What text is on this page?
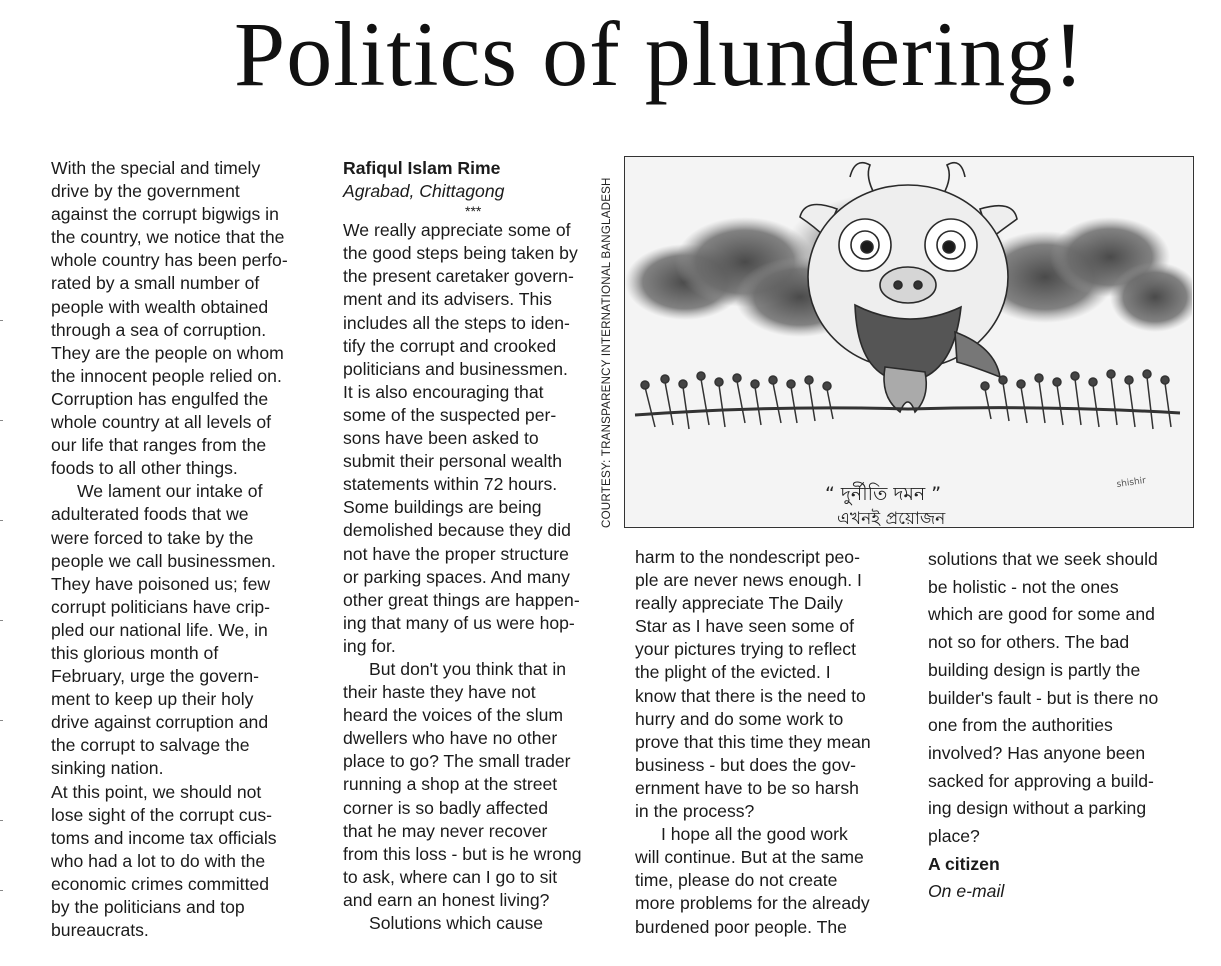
Politics of plundering!
With the special and timely
drive by the government
against the corrupt bigwigs in
the country, we notice that the
whole country has been perfo-
rated by a small number of
people with wealth obtained
through a sea of corruption.
They are the people on whom
the innocent people relied on.
Corruption has engulfed the
whole country at all levels of
our life that ranges from the
foods to all other things.
We lament our intake of
adulterated foods that we
were forced to take by the
people we call businessmen.
They have poisoned us; few
corrupt politicians have crip-
pled our national life. We, in
this glorious month of
February, urge the govern-
ment to keep up their holy
drive against corruption and
the corrupt to salvage the
sinking nation.
At this point, we should not
lose sight of the corrupt cus-
toms and income tax officials
who had a lot to do with the
economic crimes committed
by the politicians and top
bureaucrats.
Rafiqul Islam Rime
Agrabad, Chittagong
***
We really appreciate some of
the good steps being taken by
the present caretaker govern-
ment and its advisers. This
includes all the steps to iden-
tify the corrupt and crooked
politicians and businessmen.
It is also encouraging that
some of the suspected per-
sons have been asked to
submit their personal wealth
statements within 72 hours.
Some buildings are being
demolished because they did
not have the proper structure
or parking spaces. And many
other great things are happen-
ing that many of us were hop-
ing for.
But don't you think that in
their haste they have not
heard the voices of the slum
dwellers who have no other
place to go? The small trader
running a shop at the street
corner is so badly affected
that he may never recover
from this loss - but is he wrong
to ask, where can I go to sit
and earn an honest living?
Solutions which cause
COURTESY: TRANSPARENCY INTERNATIONAL BANGLADESH	“ দুর্নীতি দমন ”
এখনই প্রয়োজন
shishir
harm to the nondescript peo-
ple are never news enough. I
really appreciate The Daily
Star as I have seen some of
your pictures trying to reflect
the plight of the evicted. I
know that there is the need to
hurry and do some work to
prove that this time they mean
business - but does the gov-
ernment have to be so harsh
in the process?
I hope all the good work
will continue. But at the same
time, please do not create
more problems for the already
burdened poor people. The
solutions that we seek should
be holistic - not the ones
which are good for some and
not so for others. The bad
building design is partly the
builder's fault - but is there no
one from the authorities
involved? Has anyone been
sacked for approving a build-
ing design without a parking
place?
A citizen
On e-mail
